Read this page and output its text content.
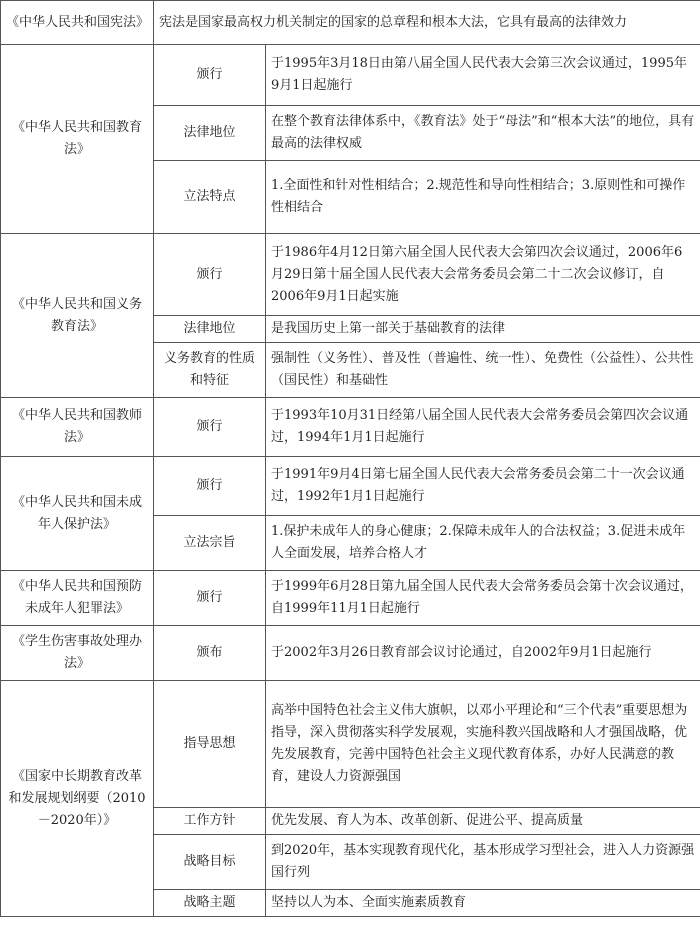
《中华人民共和国宪法》	宪法是国家最高权力机关制定的国家的总章程和根本大法，它具有最高的法律效力	
《中华人民共和国教育法》	颁行	于1995年3月18日由第八届全国人民代表大会第三次会议通过，1995年9月1日起施行
	法律地位	在整个教育法律体系中，《教育法》处于“母法”和“根本大法”的地位，具有最高的法律权威
	立法特点	1.全面性和针对性相结合；2.规范性和导向性相结合；3.原则性和可操作性相结合
《中华人民共和国义务教育法》	颁行	于1986年4月12日第六届全国人民代表大会第四次会议通过，2006年6月29日第十届全国人民代表大会常务委员会第二十二次会议修订，自2006年9月1日起实施
	法律地位	是我国历史上第一部关于基础教育的法律
	义务教育的性质和特征	强制性（义务性）、普及性（普遍性、统一性）、免费性（公益性）、公共性（国民性）和基础性
《中华人民共和国教师法》	颁行	于1993年10月31日经第八届全国人民代表大会常务委员会第四次会议通过，1994年1月1日起施行
《中华人民共和国未成年人保护法》	颁行	于1991年9月4日第七届全国人民代表大会常务委员会第二十一次会议通过，1992年1月1日起施行
	立法宗旨	1.保护未成年人的身心健康；2.保障未成年人的合法权益；3.促进未成年人全面发展，培养合格人才
《中华人民共和国预防未成年人犯罪法》	颁行	于1999年6月28日第九届全国人民代表大会常务委员会第十次会议通过，自1999年11月1日起施行
《学生伤害事故处理办法》	颁布	于2002年3月26日教育部会议讨论通过，自2002年9月1日起施行
《国家中长期教育改革和发展规划纲要（2010－2020年）》	指导思想	高举中国特色社会主义伟大旗帜，以邓小平理论和“三个代表”重要思想为指导，深入贯彻落实科学发展观，实施科教兴国战略和人才强国战略，优先发展教育，完善中国特色社会主义现代教育体系，办好人民满意的教育，建设人力资源强国
	工作方针	优先发展、育人为本、改革创新、促进公平、提高质量
	战略目标	到2020年，基本实现教育现代化，基本形成学习型社会，进入人力资源强国行列
	战略主题	坚持以人为本、全面实施素质教育
